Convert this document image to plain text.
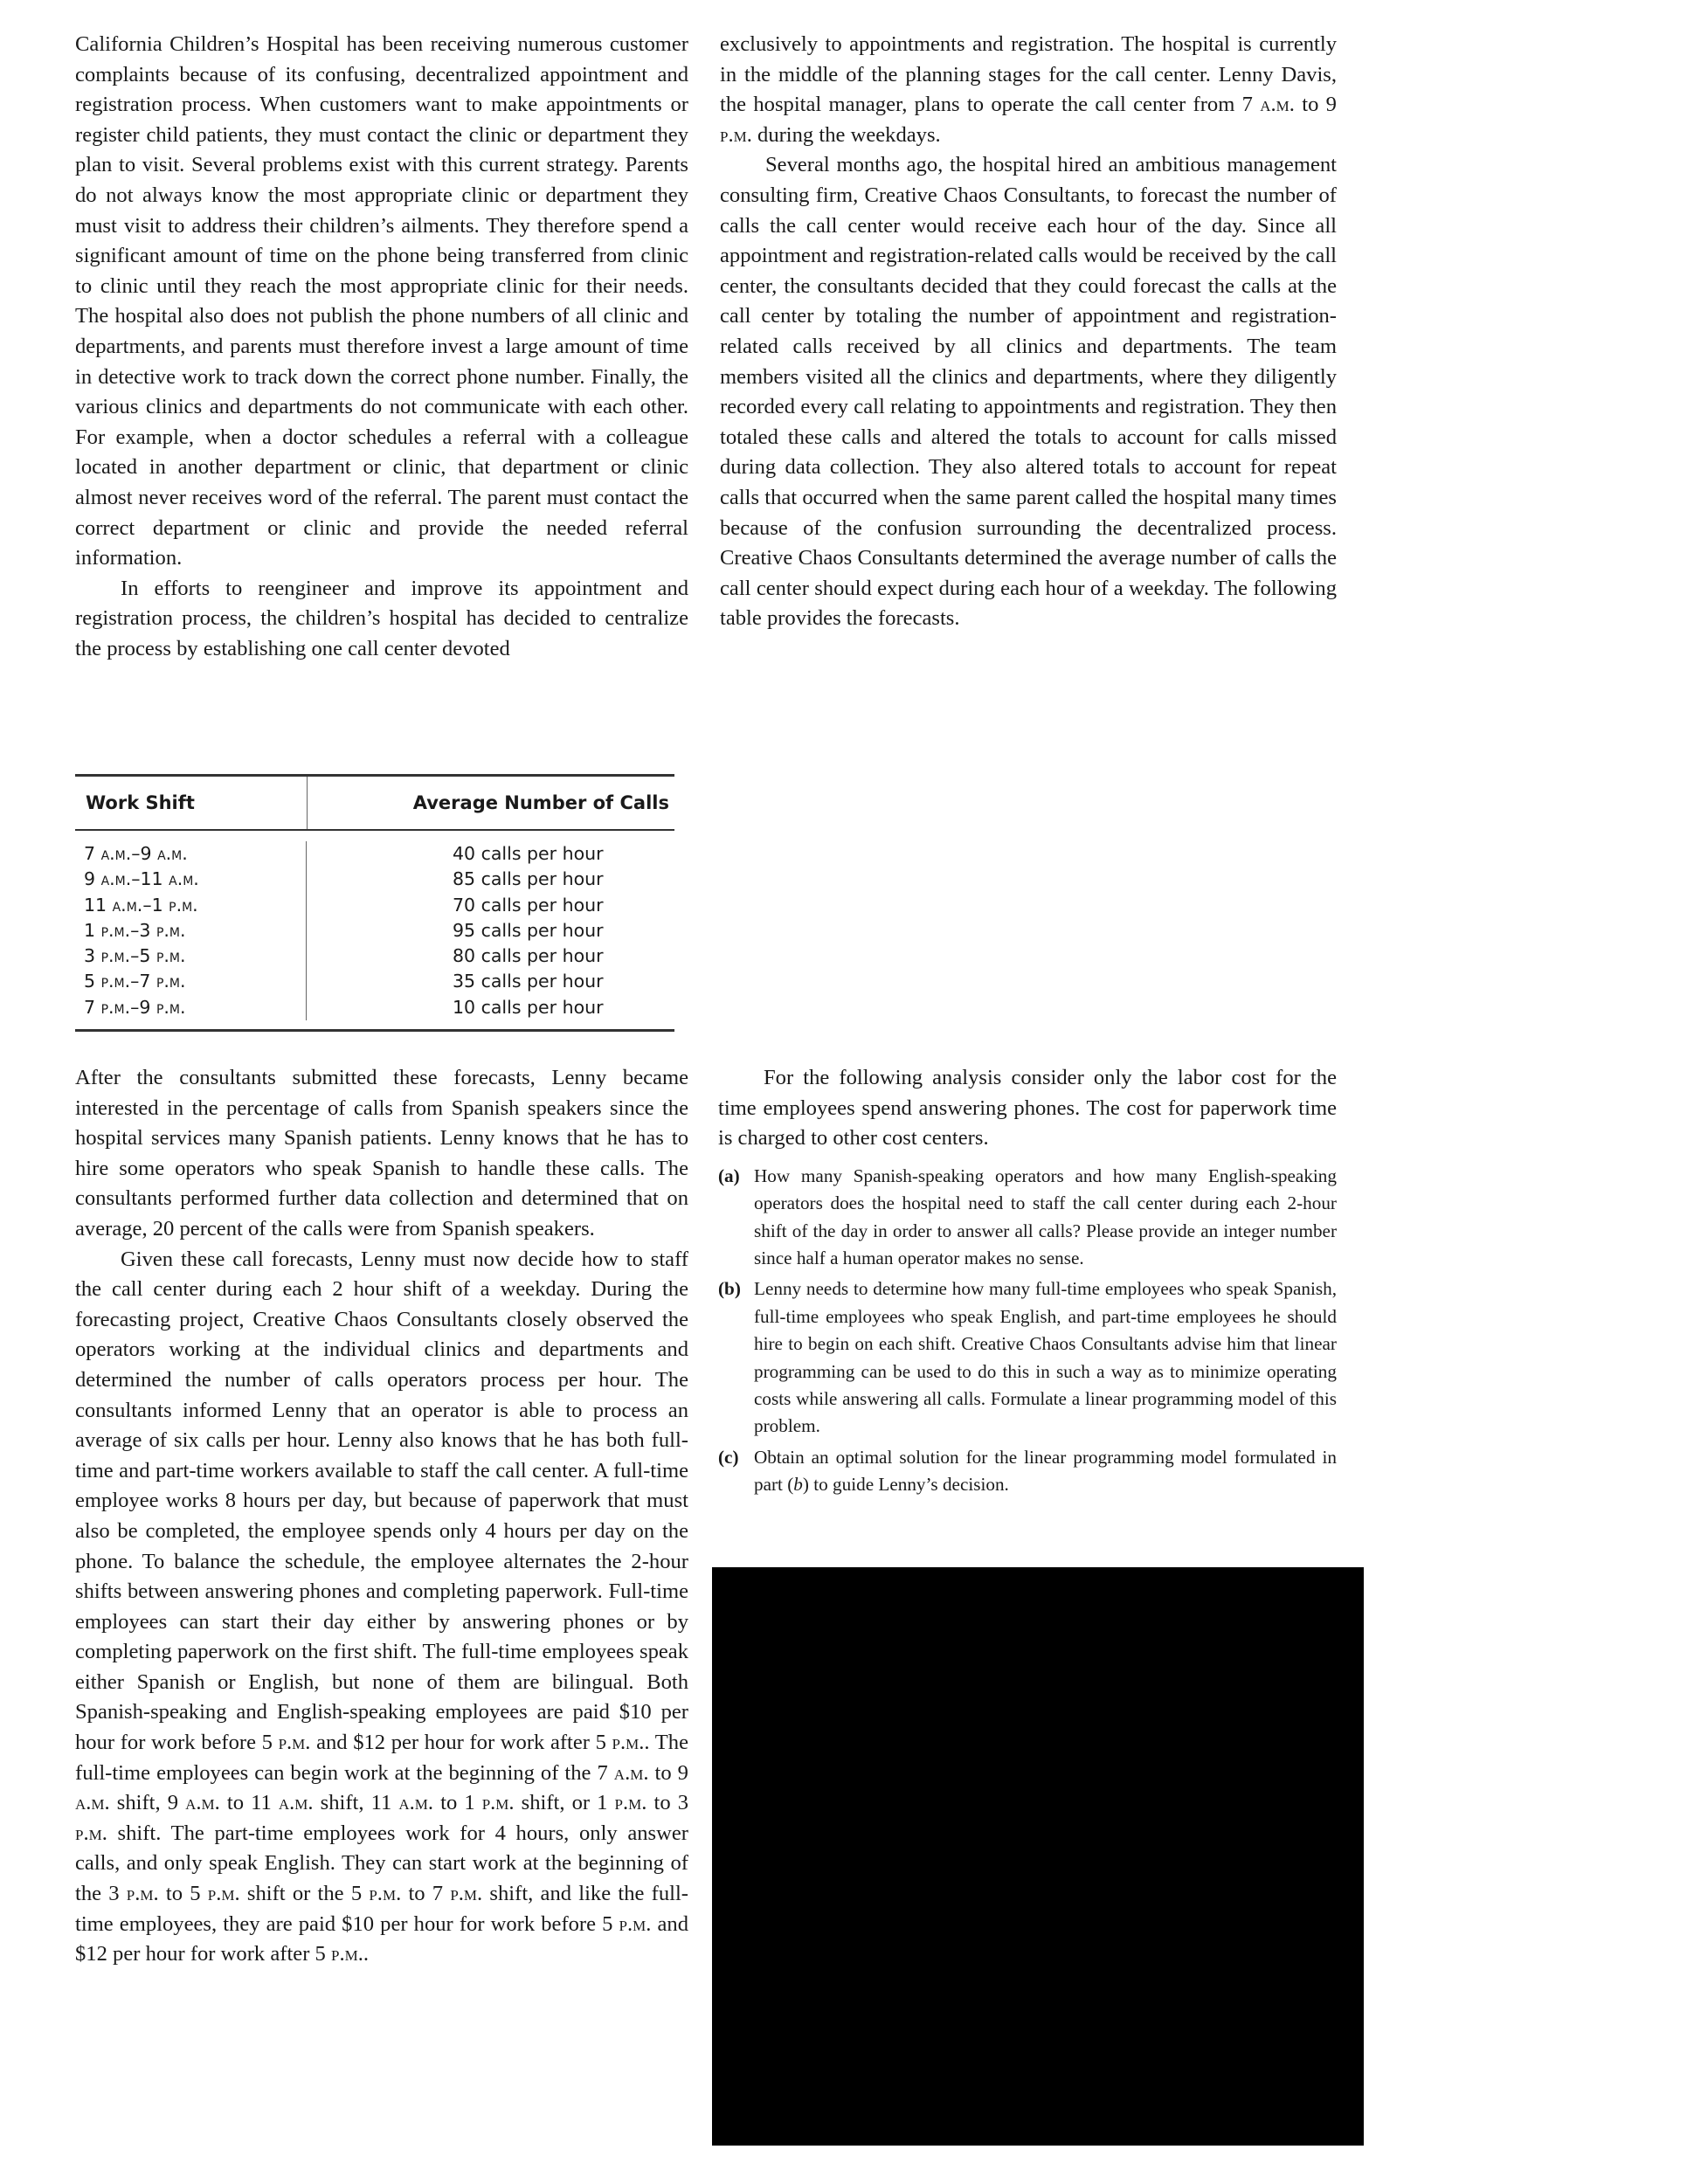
California Children’s Hospital has been receiving numerous customer complaints because of its confusing, decentralized appointment and registration process. When customers want to make appointments or register child patients, they must contact the clinic or department they plan to visit. Several problems exist with this current strategy. Parents do not always know the most appropriate clinic or department they must visit to address their children’s ailments. They therefore spend a significant amount of time on the phone being transferred from clinic to clinic until they reach the most appropriate clinic for their needs. The hospital also does not publish the phone numbers of all clinic and departments, and parents must therefore invest a large amount of time in detective work to track down the correct phone number. Finally, the various clinics and departments do not communicate with each other. For example, when a doctor schedules a referral with a colleague located in another department or clinic, that department or clinic almost never receives word of the referral. The parent must contact the correct department or clinic and provide the needed referral information.

In efforts to reengineer and improve its appointment and registration process, the children’s hospital has decided to centralize the process by establishing one call center devoted

exclusively to appointments and registration. The hospital is currently in the middle of the planning stages for the call center. Lenny Davis, the hospital manager, plans to operate the call center from 7 a.m. to 9 p.m. during the weekdays.

Several months ago, the hospital hired an ambitious management consulting firm, Creative Chaos Consultants, to forecast the number of calls the call center would receive each hour of the day. Since all appointment and registration-related calls would be received by the call center, the consultants decided that they could forecast the calls at the call center by totaling the number of appointment and registration-related calls received by all clinics and departments. The team members visited all the clinics and departments, where they diligently recorded every call relating to appointments and registration. They then totaled these calls and altered the totals to account for calls missed during data collection. They also altered totals to account for repeat calls that occurred when the same parent called the hospital many times because of the confusion surrounding the decentralized process. Creative Chaos Consultants determined the average number of calls the call center should expect during each hour of a weekday. The following table provides the forecasts.

Work Shift	Average Number of Calls
7 a.m.–9 a.m.
9 a.m.–11 a.m.
11 a.m.–1 p.m.
1 p.m.–3 p.m.
3 p.m.–5 p.m.
5 p.m.–7 p.m.
7 p.m.–9 p.m.
40 calls per hour
85 calls per hour
70 calls per hour
95 calls per hour
80 calls per hour
35 calls per hour
10 calls per hour

After the consultants submitted these forecasts, Lenny became interested in the percentage of calls from Spanish speakers since the hospital services many Spanish patients. Lenny knows that he has to hire some operators who speak Spanish to handle these calls. The consultants performed further data collection and determined that on average, 20 percent of the calls were from Spanish speakers.

Given these call forecasts, Lenny must now decide how to staff the call center during each 2 hour shift of a weekday. During the forecasting project, Creative Chaos Consultants closely observed the operators working at the individual clinics and departments and determined the number of calls operators process per hour. The consultants informed Lenny that an operator is able to process an average of six calls per hour. Lenny also knows that he has both full-time and part-time workers available to staff the call center. A full-time employee works 8 hours per day, but because of paperwork that must also be completed, the employee spends only 4 hours per day on the phone. To balance the schedule, the employee alternates the 2-hour shifts between answering phones and completing paperwork. Full-time employees can start their day either by answering phones or by completing paperwork on the first shift. The full-time employees speak either Spanish or English, but none of them are bilingual. Both Spanish-speaking and English-speaking employees are paid $10 per hour for work before 5 p.m. and $12 per hour for work after 5 p.m.. The full-time employees can begin work at the beginning of the 7 a.m. to 9 a.m. shift, 9 a.m. to 11 a.m. shift, 11 a.m. to 1 p.m. shift, or 1 p.m. to 3 p.m. shift. The part-time employees work for 4 hours, only answer calls, and only speak English. They can start work at the beginning of the 3 p.m. to 5 p.m. shift or the 5 p.m. to 7 p.m. shift, and like the full-time employees, they are paid $10 per hour for work before 5 p.m. and $12 per hour for work after 5 p.m..

For the following analysis consider only the labor cost for the time employees spend answering phones. The cost for paperwork time is charged to other cost centers.

(a) How many Spanish-speaking operators and how many English-speaking operators does the hospital need to staff the call center during each 2-hour shift of the day in order to answer all calls? Please provide an integer number since half a human operator makes no sense.
(b) Lenny needs to determine how many full-time employees who speak Spanish, full-time employees who speak English, and part-time employees he should hire to begin on each shift. Creative Chaos Consultants advise him that linear programming can be used to do this in such a way as to minimize operating costs while answering all calls. Formulate a linear programming model of this problem.
(c) Obtain an optimal solution for the linear programming model formulated in part (b) to guide Lenny’s decision.
